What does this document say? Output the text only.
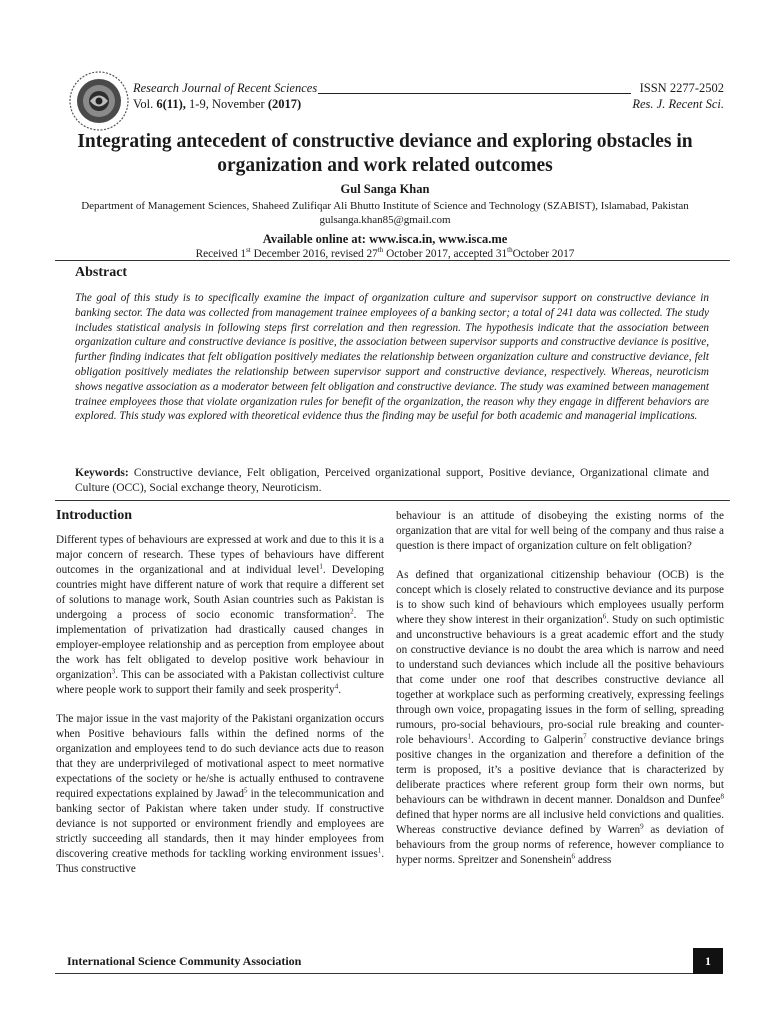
Research Journal of Recent Sciences
Vol. 6(11), 1-9, November (2017)
ISSN 2277-2502
Res. J. Recent Sci.
Integrating antecedent of constructive deviance and exploring obstacles in organization and work related outcomes
Gul Sanga Khan
Department of Management Sciences, Shaheed Zulifiqar Ali Bhutto Institute of Science and Technology (SZABIST), Islamabad, Pakistan
gulsanga.khan85@gmail.com
Available online at: www.isca.in, www.isca.me
Received 1st December 2016, revised 27th October 2017, accepted 31thOctober 2017
Abstract
The goal of this study is to specifically examine the impact of organization culture and supervisor support on constructive deviance in banking sector. The data was collected from management trainee employees of a banking sector; a total of 241 data was collected. The study includes statistical analysis in following steps first correlation and then regression. The hypothesis indicate that the association between organization culture and constructive deviance is positive, the association between supervisor supports and constructive deviance is positive, further finding indicates that felt obligation positively mediates the relationship between organization culture and constructive deviance, felt obligation positively mediates the relationship between supervisor support and constructive deviance, respectively. Whereas, neuroticism shows negative association as a moderator between felt obligation and constructive deviance. The study was examined between management trainee employees those that violate organization rules for benefit of the organization, the reason why they engage in different behaviors are explored. This study was explored with theoretical evidence thus the finding may be useful for both academic and managerial implications.
Keywords: Constructive deviance, Felt obligation, Perceived organizational support, Positive deviance, Organizational climate and Culture (OCC), Social exchange theory, Neuroticism.
Introduction

Different types of behaviours are expressed at work and due to this it is a major concern of research. These types of behaviours have different outcomes in the organizational and at individual level$^1$. Developing countries might have different nature of work that require a different set of solutions to manage work, South Asian countries such as Pakistan is undergoing a process of socio economic transformation$^2$. The implementation of privatization had drastically caused changes in employer-employee relationship and as perception from employee about the work has felt obligated to develop positive work behaviour in organization$^3$. This can be associated with a Pakistan collectivist culture where people work to support their family and seek prosperity$^4$.

The major issue in the vast majority of the Pakistani organization occurs when Positive behaviours falls within the defined norms of the organization and employees tend to do such deviance acts due to reason that they are underprivileged of motivational aspect to meet normative expectations of the society or he/she is actually enthused to contravene required expectations explained by Jawad$^5$ in the telecommunication and banking sector of Pakistan where taken under study. If constructive deviance is not supported or environment friendly and employees are strictly succeeding all standards, then it may hinder employees from discovering creative methods for tackling working environment issues$^1$. Thus constructive

behaviour is an attitude of disobeying the existing norms of the organization that are vital for well being of the company and thus raise a question is there impact of organization culture on felt obligation?

As defined that organizational citizenship behaviour (OCB) is the concept which is closely related to constructive deviance and its purpose is to show such kind of behaviours which employees usually perform where they show interest in their organization$^6$. Study on such optimistic and unconstructive behaviours is a great academic effort and the study on constructive deviance is no doubt the area which is narrow and need to understand such deviances which include all the positive behaviours that come under one roof that describes constructive deviance all together at workplace such as performing creatively, expressing feelings through own voice, propagating issues in the form of selling, spreading rumours, pro-social behaviours, pro-social rule breaking and counter-role behaviours$^1$. According to Galperin$^7$ constructive deviance brings positive changes in the organization and therefore a definition of the term is proposed, it’s a positive deviance that is characterized by deliberate practices where referent group form their own norms, but behaviours can be withdrawn in decent manner. Donaldson and Dunfee$^8$ defined that hyper norms are all inclusive held convictions and qualities. Whereas constructive deviance defined by Warren$^9$ as deviation of behaviours from the group norms of reference, however compliance to hyper norms. Spreitzer and Sonenshein$^6$ address

International Science Community Association	1
